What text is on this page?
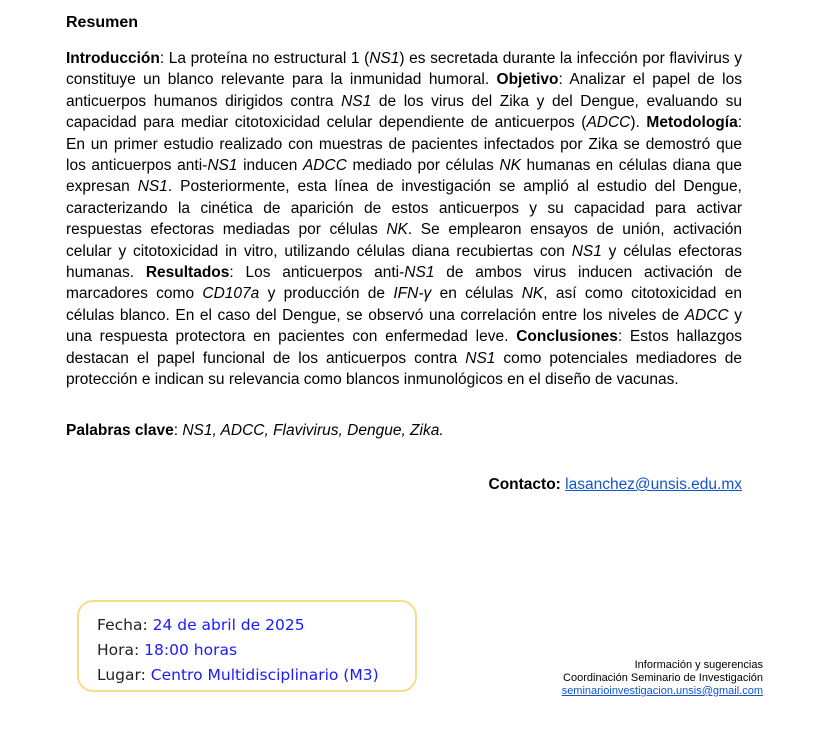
Resumen

Introducción: La proteína no estructural 1 (NS1) es secretada durante la infección por flavivirus y constituye un blanco relevante para la inmunidad humoral. Objetivo: Analizar el papel de los anticuerpos humanos dirigidos contra NS1 de los virus del Zika y del Dengue, evaluando su capacidad para mediar citotoxicidad celular dependiente de anticuerpos (ADCC). Metodología: En un primer estudio realizado con muestras de pacientes infectados por Zika se demostró que los anticuerpos anti-NS1 inducen ADCC mediado por células NK humanas en células diana que expresan NS1. Posteriormente, esta línea de investigación se amplió al estudio del Dengue, caracterizando la cinética de aparición de estos anticuerpos y su capacidad para activar respuestas efectoras mediadas por células NK. Se emplearon ensayos de unión, activación celular y citotoxicidad in vitro, utilizando células diana recubiertas con NS1 y células efectoras humanas. Resultados: Los anticuerpos anti-NS1 de ambos virus inducen activación de marcadores como CD107a y producción de IFN-γ en células NK, así como citotoxicidad en células blanco. En el caso del Dengue, se observó una correlación entre los niveles de ADCC y una respuesta protectora en pacientes con enfermedad leve. Conclusiones: Estos hallazgos destacan el papel funcional de los anticuerpos contra NS1 como potenciales mediadores de protección e indican su relevancia como blancos inmunológicos en el diseño de vacunas.

Palabras clave: NS1, ADCC, Flavivirus, Dengue, Zika.

Contacto: lasanchez@unsis.edu.mx
Fecha: 24 de abril de 2025
Hora: 18:00 horas
Lugar: Centro Multidisciplinario (M3)
Información y sugerencias
Coordinación Seminario de Investigación
seminarioinvestigacion.unsis@gmail.com
